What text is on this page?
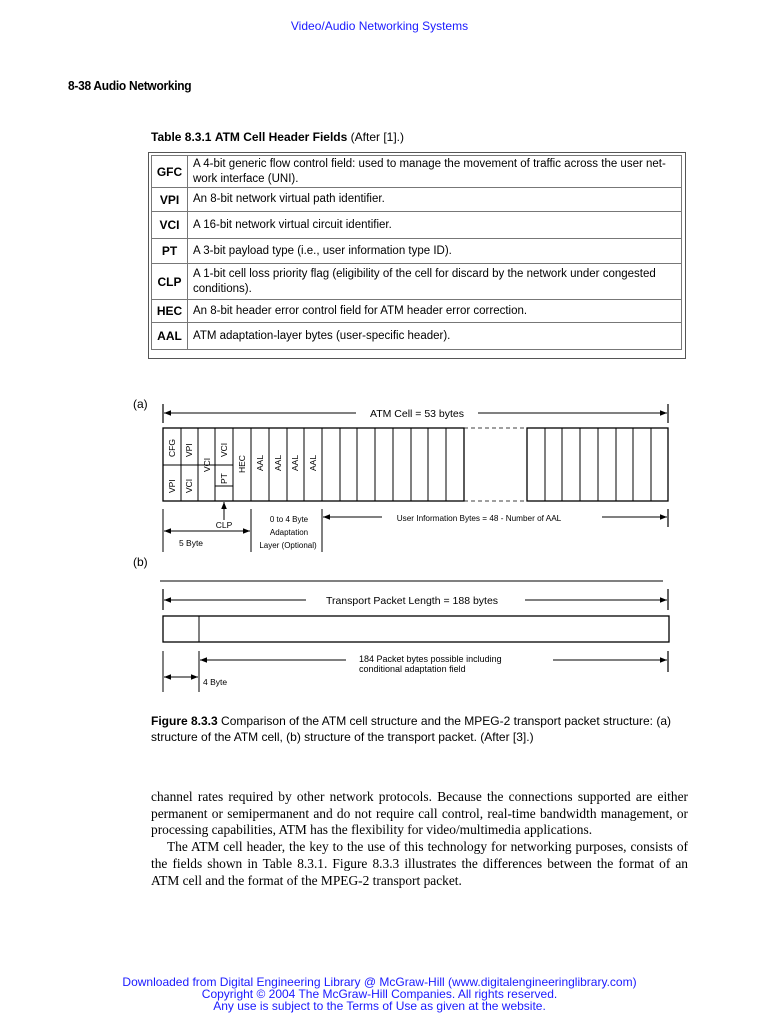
Video/Audio Networking Systems
8-38 Audio Networking
Table 8.3.1 ATM Cell Header Fields (After [1].)
GFC	A 4-bit generic flow control field: used to manage the movement of traffic across the user net-work interface (UNI).
VPI	An 8-bit network virtual path identifier.
VCI	A 16-bit network virtual circuit identifier.
PT	A 3-bit payload type (i.e., user information type ID).
CLP	A 1-bit cell loss priority flag (eligibility of the cell for discard by the network under congested conditions).
HEC	An 8-bit header error control field for ATM header error correction.
AAL	ATM adaptation-layer bytes (user-specific header).
(a)
(b)
ATM Cell = 53 bytes
CFG VPI
VCI
VCI
HEC AAL AAL AAL AAL
VPI VCI
PT
CLP
5 Byte
0 to 4 Byte
Adaptation
Layer (Optional)
User Information Bytes = 48 - Number of AAL
Transport Packet Length = 188 bytes
184 Packet bytes possible including
conditional adaptation field
4 Byte
Figure 8.3.3 Comparison of the ATM cell structure and the MPEG-2 transport packet structure: (a) structure of the ATM cell, (b) structure of the transport packet. (After [3].)

channel rates required by other network protocols. Because the connections supported are either permanent or semipermanent and do not require call control, real-time bandwidth management, or processing capabilities, ATM has the flexibility for video/multimedia applications.

The ATM cell header, the key to the use of this technology for networking purposes, consists of the fields shown in Table 8.3.1. Figure 8.3.3 illustrates the differences between the format of an ATM cell and the format of the MPEG-2 transport packet.

Downloaded from Digital Engineering Library @ McGraw-Hill (www.digitalengineeringlibrary.com)
Copyright © 2004 The McGraw-Hill Companies. All rights reserved.
Any use is subject to the Terms of Use as given at the website.
